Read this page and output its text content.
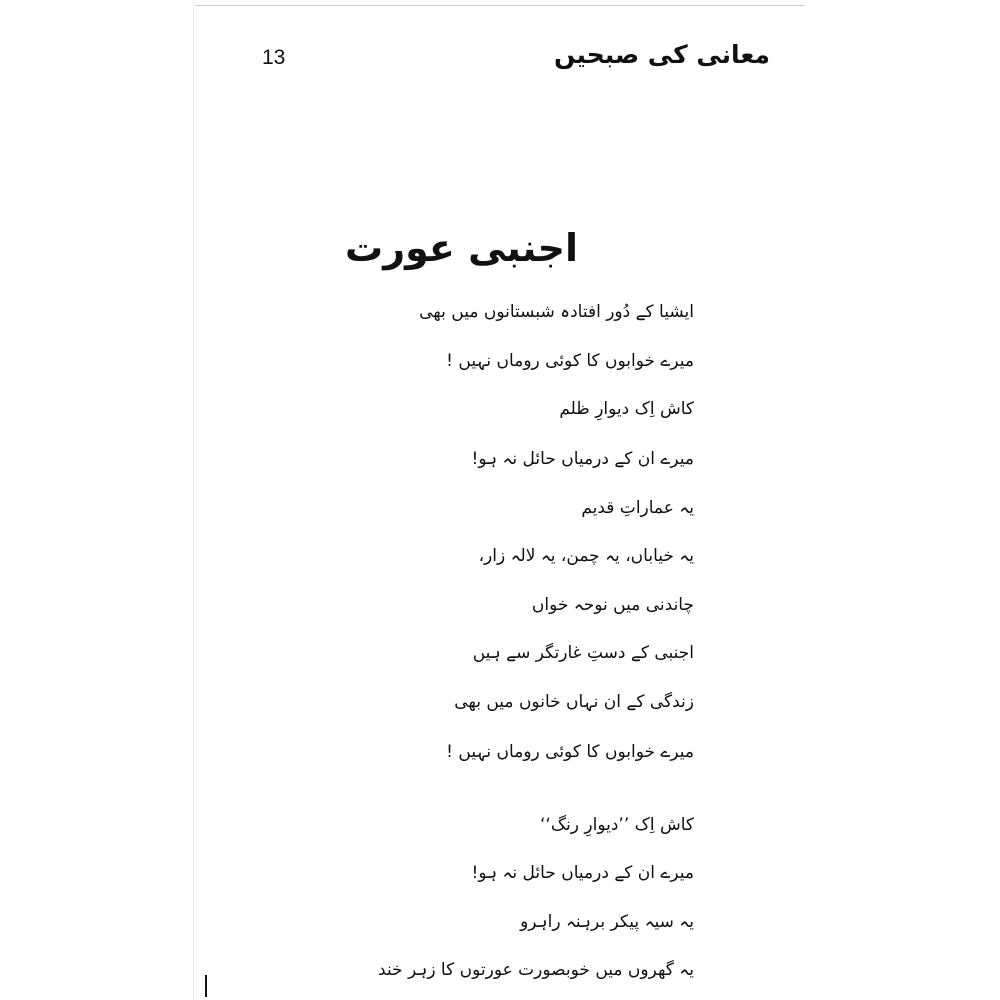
13	معانی کی صبحیں
اجنبی عورت
ایشیا کے دُور افتادہ شبستانوں میں بھی
میرے خوابوں کا کوئی روماں نہیں !
کاش اِک دیوارِ ظلم
میرے ان کے درمیاں حائل نہ ہو!
یہ عماراتِ قدیم
یہ خیاباں، یہ چمن، یہ لالہ زار،
چاندنی میں نوحہ خواں
اجنبی کے دستِ غارتگر سے ہیں
زندگی کے ان نہاں خانوں میں بھی
میرے خوابوں کا کوئی روماں نہیں !
کاش اِک ’’دیوارِ رنگ‘‘
میرے ان کے درمیاں حائل نہ ہو!
یہ سیہ پیکر برہنہ راہرو
یہ گھروں میں خوبصورت عورتوں کا زہر خند
